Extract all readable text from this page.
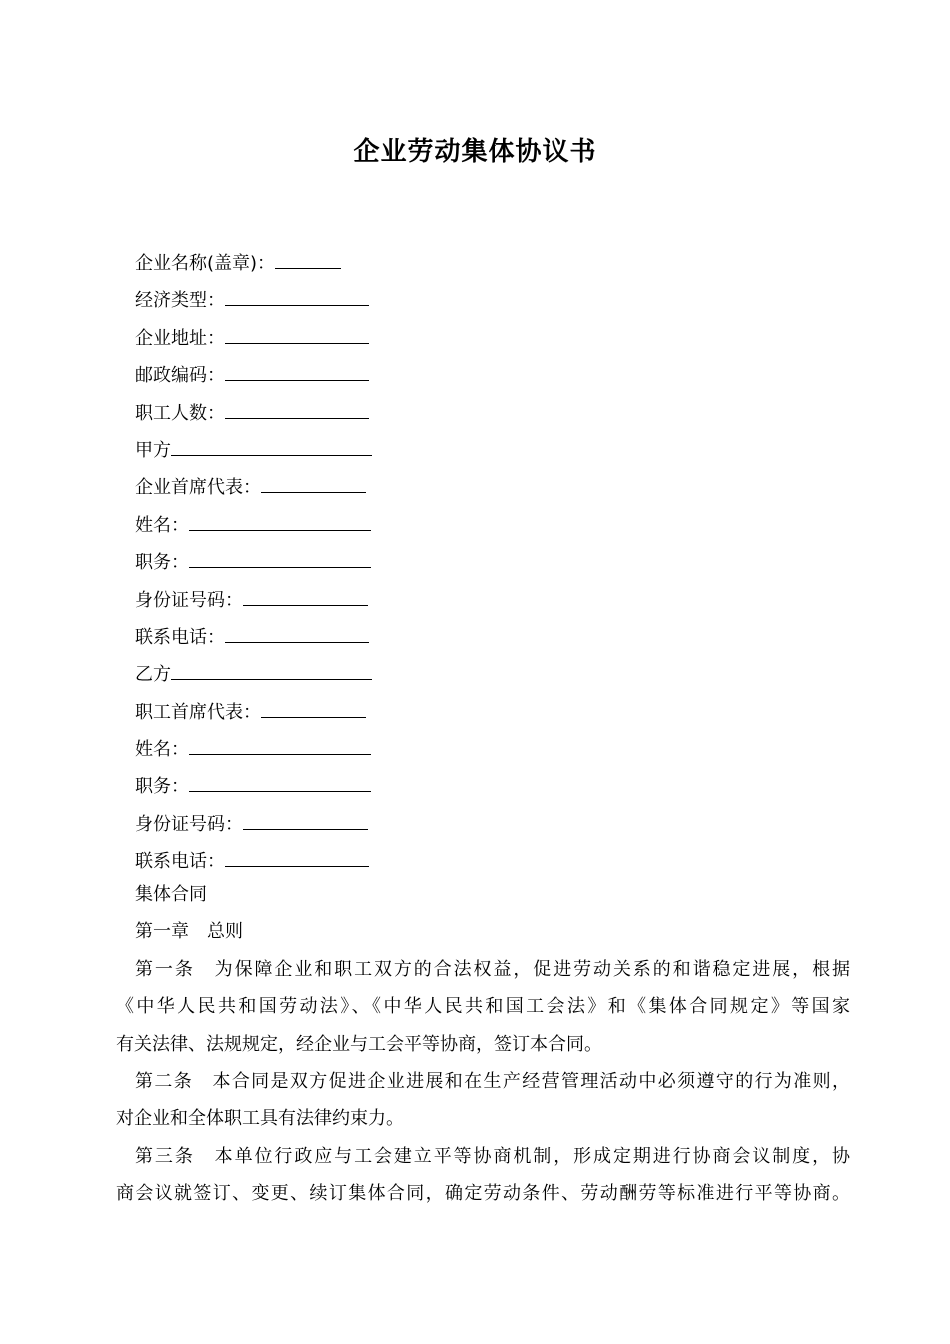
企业劳动集体协议书
企业名称(盖章)：
经济类型：
企业地址：
邮政编码：
职工人数：
甲方
企业首席代表：
姓名：
职务：
身份证号码：
联系电话：
乙方
职工首席代表：
姓名：
职务：
身份证号码：
联系电话：
集体合同
第一章 总则
第一条 为保障企业和职工双方的合法权益，促进劳动关系的和谐稳定进展，根据
《中华人民共和国劳动法》、《中华人民共和国工会法》和《集体合同规定》等国家
有关法律、法规规定，经企业与工会平等协商，签订本合同。
第二条 本合同是双方促进企业进展和在生产经营管理活动中必须遵守的行为准则，
对企业和全体职工具有法律约束力。
第三条 本单位行政应与工会建立平等协商机制，形成定期进行协商会议制度，协
商会议就签订、变更、续订集体合同，确定劳动条件、劳动酬劳等标准进行平等协商。
